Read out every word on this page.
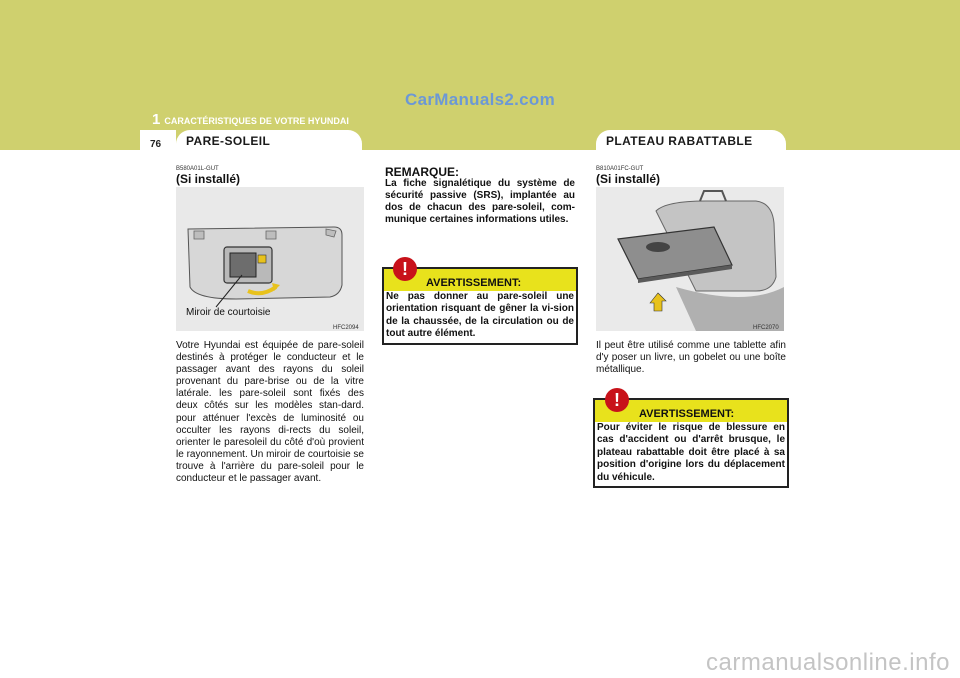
CarManuals2.com
1 CARACTÉRISTIQUES DE VOTRE HYUNDAI
76	PARE-SOLEIL	PLATEAU RABATTABLE
B580A01L-GUT
(Si installé)
Miroir de courtoisie
HFC2094
Votre Hyundai est équipée de pare-soleil destinés à protéger le conducteur et le passager avant des rayons du soleil provenant du pare-brise ou de la vitre latérale. les pare-soleil sont fixés des deux côtés sur les modèles stan-dard. pour atténuer l'excès de luminosité ou occulter les rayons di-rects du soleil, orienter le paresoleil du côté d'où provient le rayonnement. Un miroir de courtoisie se trouve à l'arrière du pare-soleil pour le conducteur et le passager avant.
REMARQUE:
La fiche signalétique du système de sécurité passive (SRS), implantée au dos de chacun des pare-soleil, com-munique certaines informations utiles.
AVERTISSEMENT:
Ne pas donner au pare-soleil une orientation risquant de gêner la vi-sion de la chaussée, de la circulation ou de tout autre élément.
!
B810A01FC-GUT
(Si installé)
HFC2070
Il peut être utilisé comme une tablette afin d'y poser un livre, un gobelet ou une boîte métallique.
AVERTISSEMENT:
Pour éviter le risque de blessure en cas d'accident ou d'arrêt brusque, le plateau rabattable doit être placé à sa position d'origine lors du déplacement du véhicule.
!
carmanualsonline.info
